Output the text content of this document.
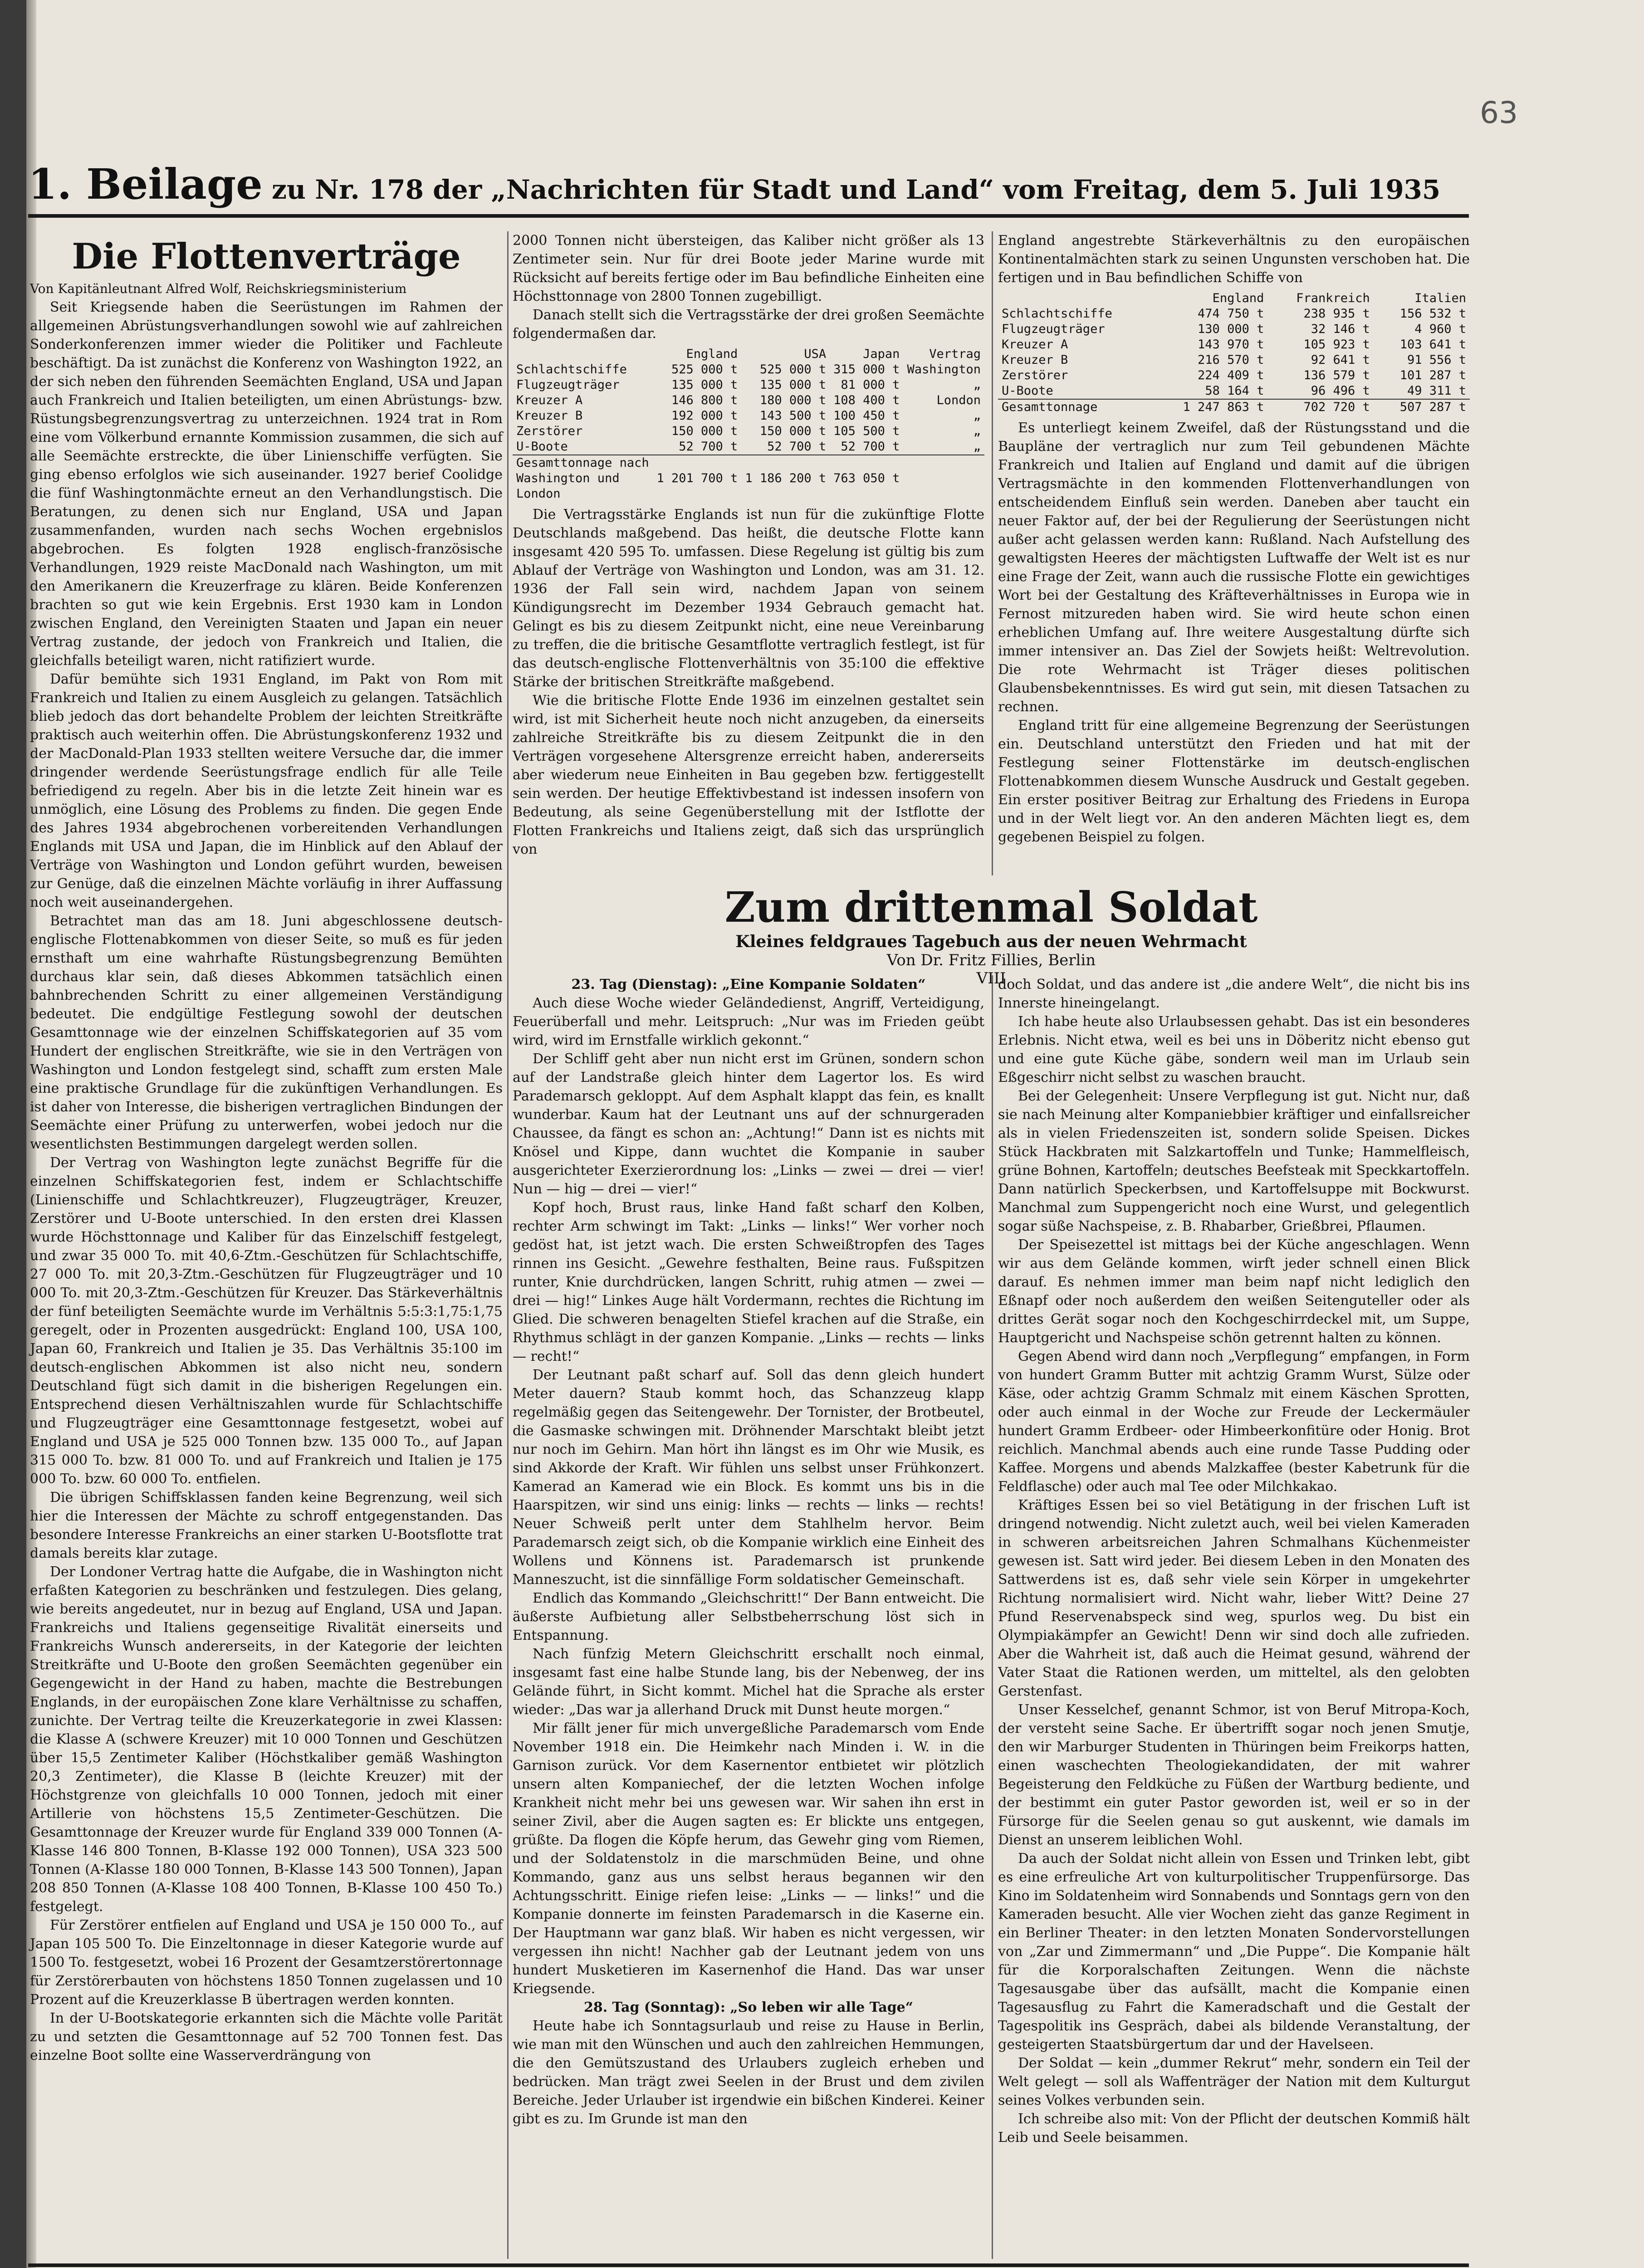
63
1. Beilage zu Nr. 178 der „Nachrichten für Stadt und Land“ vom Freitag, dem 5. Juli 1935
Die Flottenverträge

Von Kapitänleutnant Alfred Wolf, Reichskriegsministerium

Seit Kriegsende haben die Seerüstungen im Rahmen der allgemeinen Abrüstungsverhandlungen sowohl wie auf zahlreichen Sonderkonferenzen immer wieder die Politiker und Fachleute beschäftigt. Da ist zunächst die Konferenz von Washington 1922, an der sich neben den führenden Seemächten England, USA und Japan auch Frankreich und Italien beteiligten, um einen Abrüstungs- bzw. Rüstungsbegrenzungsvertrag zu unterzeichnen. 1924 trat in Rom eine vom Völkerbund ernannte Kommission zusammen, die sich auf alle Seemächte erstreckte, die über Linienschiffe verfügten. Sie ging ebenso erfolglos wie sich auseinander. 1927 berief Coolidge die fünf Washingtonmächte erneut an den Verhandlungstisch. Die Beratungen, zu denen sich nur England, USA und Japan zusammenfanden, wurden nach sechs Wochen ergebnislos abgebrochen. Es folgten 1928 englisch-französische Verhandlungen, 1929 reiste MacDonald nach Washington, um mit den Amerikanern die Kreuzerfrage zu klären. Beide Konferenzen brachten so gut wie kein Ergebnis. Erst 1930 kam in London zwischen England, den Vereinigten Staaten und Japan ein neuer Vertrag zustande, der jedoch von Frankreich und Italien, die gleichfalls beteiligt waren, nicht ratifiziert wurde.

Dafür bemühte sich 1931 England, im Pakt von Rom mit Frankreich und Italien zu einem Ausgleich zu gelangen. Tatsächlich blieb jedoch das dort behandelte Problem der leichten Streitkräfte praktisch auch weiterhin offen. Die Abrüstungskonferenz 1932 und der MacDonald-Plan 1933 stellten weitere Versuche dar, die immer dringender werdende Seerüstungsfrage endlich für alle Teile befriedigend zu regeln. Aber bis in die letzte Zeit hinein war es unmöglich, eine Lösung des Problems zu finden. Die gegen Ende des Jahres 1934 abgebrochenen vorbereitenden Verhandlungen Englands mit USA und Japan, die im Hinblick auf den Ablauf der Verträge von Washington und London geführt wurden, beweisen zur Genüge, daß die einzelnen Mächte vorläufig in ihrer Auffassung noch weit auseinandergehen.

Betrachtet man das am 18. Juni abgeschlossene deutsch-englische Flottenabkommen von dieser Seite, so muß es für jeden ernsthaft um eine wahrhafte Rüstungsbegrenzung Bemühten durchaus klar sein, daß dieses Abkommen tatsächlich einen bahnbrechenden Schritt zu einer allgemeinen Verständigung bedeutet. Die endgültige Festlegung sowohl der deutschen Gesamttonnage wie der einzelnen Schiffskategorien auf 35 vom Hundert der englischen Streitkräfte, wie sie in den Verträgen von Washington und London festgelegt sind, schafft zum ersten Male eine praktische Grundlage für die zukünftigen Verhandlungen. Es ist daher von Interesse, die bisherigen vertraglichen Bindungen der Seemächte einer Prüfung zu unterwerfen, wobei jedoch nur die wesentlichsten Bestimmungen dargelegt werden sollen.

Der Vertrag von Washington legte zunächst Begriffe für die einzelnen Schiffskategorien fest, indem er Schlachtschiffe (Linienschiffe und Schlachtkreuzer), Flugzeugträger, Kreuzer, Zerstörer und U-Boote unterschied. In den ersten drei Klassen wurde Höchsttonnage und Kaliber für das Einzelschiff festgelegt, und zwar 35 000 To. mit 40,6-Ztm.-Geschützen für Schlachtschiffe, 27 000 To. mit 20,3-Ztm.-Geschützen für Flugzeugträger und 10 000 To. mit 20,3-Ztm.-Geschützen für Kreuzer. Das Stärkeverhältnis der fünf beteiligten Seemächte wurde im Verhältnis 5:5:3:1,75:1,75 geregelt, oder in Prozenten ausgedrückt: England 100, USA 100, Japan 60, Frankreich und Italien je 35. Das Verhältnis 35:100 im deutsch-englischen Abkommen ist also nicht neu, sondern Deutschland fügt sich damit in die bisherigen Regelungen ein. Entsprechend diesen Verhältniszahlen wurde für Schlachtschiffe und Flugzeugträger eine Gesamttonnage festgesetzt, wobei auf England und USA je 525 000 Tonnen bzw. 135 000 To., auf Japan 315 000 To. bzw. 81 000 To. und auf Frankreich und Italien je 175 000 To. bzw. 60 000 To. entfielen.

Die übrigen Schiffsklassen fanden keine Begrenzung, weil sich hier die Interessen der Mächte zu schroff entgegenstanden. Das besondere Interesse Frankreichs an einer starken U-Bootsflotte trat damals bereits klar zutage.

Der Londoner Vertrag hatte die Aufgabe, die in Washington nicht erfaßten Kategorien zu beschränken und festzulegen. Dies gelang, wie bereits angedeutet, nur in bezug auf England, USA und Japan. Frankreichs und Italiens gegenseitige Rivalität einerseits und Frankreichs Wunsch andererseits, in der Kategorie der leichten Streitkräfte und U-Boote den großen Seemächten gegenüber ein Gegengewicht in der Hand zu haben, machte die Bestrebungen Englands, in der europäischen Zone klare Verhältnisse zu schaffen, zunichte. Der Vertrag teilte die Kreuzerkategorie in zwei Klassen: die Klasse A (schwere Kreuzer) mit 10 000 Tonnen und Geschützen über 15,5 Zentimeter Kaliber (Höchstkaliber gemäß Washington 20,3 Zentimeter), die Klasse B (leichte Kreuzer) mit der Höchstgrenze von gleichfalls 10 000 Tonnen, jedoch mit einer Artillerie von höchstens 15,5 Zentimeter-Geschützen. Die Gesamttonnage der Kreuzer wurde für England 339 000 Tonnen (A-Klasse 146 800 Tonnen, B-Klasse 192 000 Tonnen), USA 323 500 Tonnen (A-Klasse 180 000 Tonnen, B-Klasse 143 500 Tonnen), Japan 208 850 Tonnen (A-Klasse 108 400 Tonnen, B-Klasse 100 450 To.) festgelegt.

Für Zerstörer entfielen auf England und USA je 150 000 To., auf Japan 105 500 To. Die Einzeltonnage in dieser Kategorie wurde auf 1500 To. festgesetzt, wobei 16 Prozent der Gesamtzerstörertonnage für Zerstörerbauten von höchstens 1850 Tonnen zugelassen und 10 Prozent auf die Kreuzerklasse B übertragen werden konnten.

In der U-Bootskategorie erkannten sich die Mächte volle Parität zu und setzten die Gesamttonnage auf 52 700 Tonnen fest. Das einzelne Boot sollte eine Wasserverdrängung von

2000 Tonnen nicht übersteigen, das Kaliber nicht größer als 13 Zentimeter sein. Nur für drei Boote jeder Marine wurde mit Rücksicht auf bereits fertige oder im Bau befindliche Einheiten eine Höchsttonnage von 2800 Tonnen zugebilligt.

Danach stellt sich die Vertragsstärke der drei großen Seemächte folgendermaßen dar.

	England	USA	Japan	Vertrag
Schlachtschiffe	525 000 t	525 000 t	315 000 t	Washington
Flugzeugträger	135 000 t	135 000 t	81 000 t	„
Kreuzer A	146 800 t	180 000 t	108 400 t	London
Kreuzer B	192 000 t	143 500 t	100 450 t	„
Zerstörer	150 000 t	150 000 t	105 500 t	„
U-Boote	52 700 t	52 700 t	52 700 t	„
Gesamttonnage nach Washington und London	1 201 700 t	1 186 200 t	763 050 t	

Die Vertragsstärke Englands ist nun für die zukünftige Flotte Deutschlands maßgebend. Das heißt, die deutsche Flotte kann insgesamt 420 595 To. umfassen. Diese Regelung ist gültig bis zum Ablauf der Verträge von Washington und London, was am 31. 12. 1936 der Fall sein wird, nachdem Japan von seinem Kündigungsrecht im Dezember 1934 Gebrauch gemacht hat. Gelingt es bis zu diesem Zeitpunkt nicht, eine neue Vereinbarung zu treffen, die die britische Gesamtflotte vertraglich festlegt, ist für das deutsch-englische Flottenverhältnis von 35:100 die effektive Stärke der britischen Streitkräfte maßgebend.

Wie die britische Flotte Ende 1936 im einzelnen gestaltet sein wird, ist mit Sicherheit heute noch nicht anzugeben, da einerseits zahlreiche Streitkräfte bis zu diesem Zeitpunkt die in den Verträgen vorgesehene Altersgrenze erreicht haben, andererseits aber wiederum neue Einheiten in Bau gegeben bzw. fertiggestellt sein werden. Der heutige Effektivbestand ist indessen insofern von Bedeutung, als seine Gegenüberstellung mit der Istflotte der Flotten Frankreichs und Italiens zeigt, daß sich das ursprünglich von

England angestrebte Stärkeverhältnis zu den europäischen Kontinentalmächten stark zu seinen Ungunsten verschoben hat. Die fertigen und in Bau befindlichen Schiffe von

	England	Frankreich	Italien
Schlachtschiffe	474 750 t	238 935 t	156 532 t
Flugzeugträger	130 000 t	32 146 t	4 960 t
Kreuzer A	143 970 t	105 923 t	103 641 t
Kreuzer B	216 570 t	92 641 t	91 556 t
Zerstörer	224 409 t	136 579 t	101 287 t
U-Boote	58 164 t	96 496 t	49 311 t
Gesamttonnage	1 247 863 t	702 720 t	507 287 t

Es unterliegt keinem Zweifel, daß der Rüstungsstand und die Baupläne der vertraglich nur zum Teil gebundenen Mächte Frankreich und Italien auf England und damit auf die übrigen Vertragsmächte in den kommenden Flottenverhandlungen von entscheidendem Einfluß sein werden. Daneben aber taucht ein neuer Faktor auf, der bei der Regulierung der Seerüstungen nicht außer acht gelassen werden kann: Rußland. Nach Aufstellung des gewaltigsten Heeres der mächtigsten Luftwaffe der Welt ist es nur eine Frage der Zeit, wann auch die russische Flotte ein gewichtiges Wort bei der Gestaltung des Kräfteverhältnisses in Europa wie in Fernost mitzureden haben wird. Sie wird heute schon einen erheblichen Umfang auf. Ihre weitere Ausgestaltung dürfte sich immer intensiver an. Das Ziel der Sowjets heißt: Weltrevolution. Die rote Wehrmacht ist Träger dieses politischen Glaubensbekenntnisses. Es wird gut sein, mit diesen Tatsachen zu rechnen.

England tritt für eine allgemeine Begrenzung der Seerüstungen ein. Deutschland unterstützt den Frieden und hat mit der Festlegung seiner Flottenstärke im deutsch-englischen Flottenabkommen diesem Wunsche Ausdruck und Gestalt gegeben. Ein erster positiver Beitrag zur Erhaltung des Friedens in Europa und in der Welt liegt vor. An den anderen Mächten liegt es, dem gegebenen Beispiel zu folgen.

Zum drittenmal Soldat
Kleines feldgraues Tagebuch aus der neuen Wehrmacht
Von Dr. Fritz Fillies, Berlin
VIII

23. Tag (Dienstag): „Eine Kompanie Soldaten“

Auch diese Woche wieder Geländedienst, Angriff, Verteidigung, Feuerüberfall und mehr. Leitspruch: „Nur was im Frieden geübt wird, wird im Ernstfalle wirklich gekonnt.“

Der Schliff geht aber nun nicht erst im Grünen, sondern schon auf der Landstraße gleich hinter dem Lagertor los. Es wird Parademarsch gekloppt. Auf dem Asphalt klappt das fein, es knallt wunderbar. Kaum hat der Leutnant uns auf der schnurgeraden Chaussee, da fängt es schon an: „Achtung!“ Dann ist es nichts mit Knösel und Kippe, dann wuchtet die Kompanie in sauber ausgerichteter Exerzierordnung los: „Links — zwei — drei — vier! Nun — hig — drei — vier!“

Kopf hoch, Brust raus, linke Hand faßt scharf den Kolben, rechter Arm schwingt im Takt: „Links — links!“ Wer vorher noch gedöst hat, ist jetzt wach. Die ersten Schweißtropfen des Tages rinnen ins Gesicht. „Gewehre festhalten, Beine raus. Fußspitzen runter, Knie durchdrücken, langen Schritt, ruhig atmen — zwei — drei — hig!“ Linkes Auge hält Vordermann, rechtes die Richtung im Glied. Die schweren benagelten Stiefel krachen auf die Straße, ein Rhythmus schlägt in der ganzen Kompanie. „Links — rechts — links — recht!“

Der Leutnant paßt scharf auf. Soll das denn gleich hundert Meter dauern? Staub kommt hoch, das Schanzzeug klapp regelmäßig gegen das Seitengewehr. Der Tornister, der Brotbeutel, die Gasmaske schwingen mit. Dröhnender Marschtakt bleibt jetzt nur noch im Gehirn. Man hört ihn längst es im Ohr wie Musik, es sind Akkorde der Kraft. Wir fühlen uns selbst unser Frühkonzert. Kamerad an Kamerad wie ein Block. Es kommt uns bis in die Haarspitzen, wir sind uns einig: links — rechts — links — rechts! Neuer Schweiß perlt unter dem Stahlhelm hervor. Beim Parademarsch zeigt sich, ob die Kompanie wirklich eine Einheit des Wollens und Könnens ist. Parademarsch ist prunkende Manneszucht, ist die sinnfällige Form soldatischer Gemeinschaft.

Endlich das Kommando „Gleichschritt!“ Der Bann entweicht. Die äußerste Aufbietung aller Selbstbeherrschung löst sich in Entspannung.

Nach fünfzig Metern Gleichschritt erschallt noch einmal, insgesamt fast eine halbe Stunde lang, bis der Nebenweg, der ins Gelände führt, in Sicht kommt. Michel hat die Sprache als erster wieder: „Das war ja allerhand Druck mit Dunst heute morgen.“

Mir fällt jener für mich unvergeßliche Parademarsch vom Ende November 1918 ein. Die Heimkehr nach Minden i. W. in die Garnison zurück. Vor dem Kasernentor entbietet wir plötzlich unsern alten Kompaniechef, der die letzten Wochen infolge Krankheit nicht mehr bei uns gewesen war. Wir sahen ihn erst in seiner Zivil, aber die Augen sagten es: Er blickte uns entgegen, grüßte. Da flogen die Köpfe herum, das Gewehr ging vom Riemen, und der Soldatenstolz in die marschmüden Beine, und ohne Kommando, ganz aus uns selbst heraus begannen wir den Achtungsschritt. Einige riefen leise: „Links — — links!“ und die Kompanie donnerte im feinsten Parademarsch in die Kaserne ein. Der Hauptmann war ganz blaß. Wir haben es nicht vergessen, wir vergessen ihn nicht! Nachher gab der Leutnant jedem von uns hundert Musketieren im Kasernenhof die Hand. Das war unser Kriegsende.

28. Tag (Sonntag): „So leben wir alle Tage“

Heute habe ich Sonntagsurlaub und reise zu Hause in Berlin, wie man mit den Wünschen und auch den zahlreichen Hemmungen, die den Gemütszustand des Urlaubers zugleich erheben und bedrücken. Man trägt zwei Seelen in der Brust und dem zivilen Bereiche. Jeder Urlauber ist irgendwie ein bißchen Kinderei. Keiner gibt es zu. Im Grunde ist man den

doch Soldat, und das andere ist „die andere Welt“, die nicht bis ins Innerste hineingelangt.

Ich habe heute also Urlaubsessen gehabt. Das ist ein besonderes Erlebnis. Nicht etwa, weil es bei uns in Döberitz nicht ebenso gut und eine gute Küche gäbe, sondern weil man im Urlaub sein Eßgeschirr nicht selbst zu waschen braucht.

Bei der Gelegenheit: Unsere Verpflegung ist gut. Nicht nur, daß sie nach Meinung alter Kompaniebbier kräftiger und einfallsreicher als in vielen Friedenszeiten ist, sondern solide Speisen. Dickes Stück Hackbraten mit Salzkartoffeln und Tunke; Hammelfleisch, grüne Bohnen, Kartoffeln; deutsches Beefsteak mit Speckkartoffeln. Dann natürlich Speckerbsen, und Kartoffelsuppe mit Bockwurst. Manchmal zum Suppengericht noch eine Wurst, und gelegentlich sogar süße Nachspeise, z. B. Rhabarber, Grießbrei, Pflaumen.

Der Speisezettel ist mittags bei der Küche angeschlagen. Wenn wir aus dem Gelände kommen, wirft jeder schnell einen Blick darauf. Es nehmen immer man beim napf nicht lediglich den Eßnapf oder noch außerdem den weißen Seitenguteller oder als drittes Gerät sogar noch den Kochgeschirrdeckel mit, um Suppe, Hauptgericht und Nachspeise schön getrennt halten zu können.

Gegen Abend wird dann noch „Verpflegung“ empfangen, in Form von hundert Gramm Butter mit achtzig Gramm Wurst, Sülze oder Käse, oder achtzig Gramm Schmalz mit einem Käschen Sprotten, oder auch einmal in der Woche zur Freude der Leckermäuler hundert Gramm Erdbeer- oder Himbeerkonfitüre oder Honig. Brot reichlich. Manchmal abends auch eine runde Tasse Pudding oder Kaffee. Morgens und abends Malzkaffee (bester Kabetrunk für die Feldflasche) oder auch mal Tee oder Milchkakao.

Kräftiges Essen bei so viel Betätigung in der frischen Luft ist dringend notwendig. Nicht zuletzt auch, weil bei vielen Kameraden in schweren arbeitsreichen Jahren Schmalhans Küchenmeister gewesen ist. Satt wird jeder. Bei diesem Leben in den Monaten des Sattwerdens ist es, daß sehr viele sein Körper in umgekehrter Richtung normalisiert wird. Nicht wahr, lieber Witt? Deine 27 Pfund Reservenabspeck sind weg, spurlos weg. Du bist ein Olympiakämpfer an Gewicht! Denn wir sind doch alle zufrieden. Aber die Wahrheit ist, daß auch die Heimat gesund, während der Vater Staat die Rationen werden, um mitteltel, als den gelobten Gerstenfast.

Unser Kesselchef, genannt Schmor, ist von Beruf Mitropa-Koch, der versteht seine Sache. Er übertrifft sogar noch jenen Smutje, den wir Marburger Studenten in Thüringen beim Freikorps hatten, einen waschechten Theologiekandidaten, der mit wahrer Begeisterung den Feldküche zu Füßen der Wartburg bediente, und der bestimmt ein guter Pastor geworden ist, weil er so in der Fürsorge für die Seelen genau so gut auskennt, wie damals im Dienst an unserem leiblichen Wohl.

Da auch der Soldat nicht allein von Essen und Trinken lebt, gibt es eine erfreuliche Art von kulturpolitischer Truppenfürsorge. Das Kino im Soldatenheim wird Sonnabends und Sonntags gern von den Kameraden besucht. Alle vier Wochen zieht das ganze Regiment in ein Berliner Theater: in den letzten Monaten Sondervorstellungen von „Zar und Zimmermann“ und „Die Puppe“. Die Kompanie hält für die Korporalschaften Zeitungen. Wenn die nächste Tagesausgabe über das aufsällt, macht die Kompanie einen Tagesausflug zu Fahrt die Kameradschaft und die Gestalt der Tagespolitik ins Gespräch, dabei als bildende Veranstaltung, der gesteigerten Staatsbürgertum dar und der Havelseen.

Der Soldat — kein „dummer Rekrut“ mehr, sondern ein Teil der Welt gelegt — soll als Waffenträger der Nation mit dem Kulturgut seines Volkes verbunden sein.

Ich schreibe also mit: Von der Pflicht der deutschen Kommiß hält Leib und Seele beisammen.
